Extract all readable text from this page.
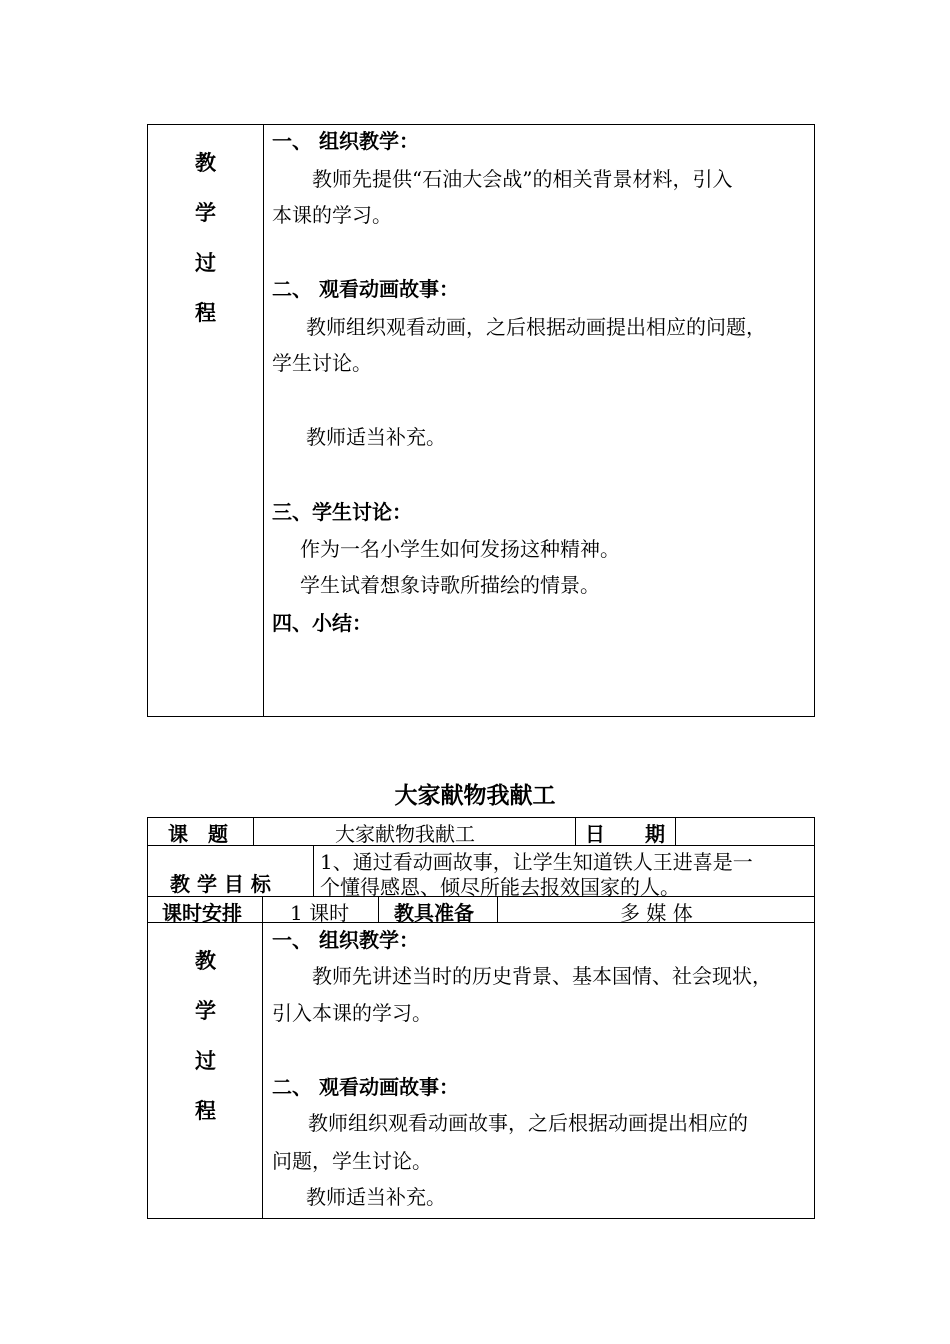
教
学
过
程
一、 组织教学：
教师先提供“石油大会战”的相关背景材料，引入
本课的学习。
二、 观看动画故事：
教师组织观看动画，之后根据动画提出相应的问题，
学生讨论。
教师适当补充。
三、学生讨论：
作为一名小学生如何发扬这种精神。
学生试着想象诗歌所描绘的情景。
四、小结：
大家献物我献工
课　题	大家献物我献工	日　　期
教 学 目 标
1、通过看动画故事，让学生知道铁人王进喜是一
个懂得感恩、倾尽所能去报效国家的人。
课时安排 1 课时 教具准备	多 媒 体
教
学
过
程
一、 组织教学：
教师先讲述当时的历史背景、基本国情、社会现状，
引入本课的学习。
二、 观看动画故事：
教师组织观看动画故事，之后根据动画提出相应的
问题，学生讨论。
教师适当补充。
